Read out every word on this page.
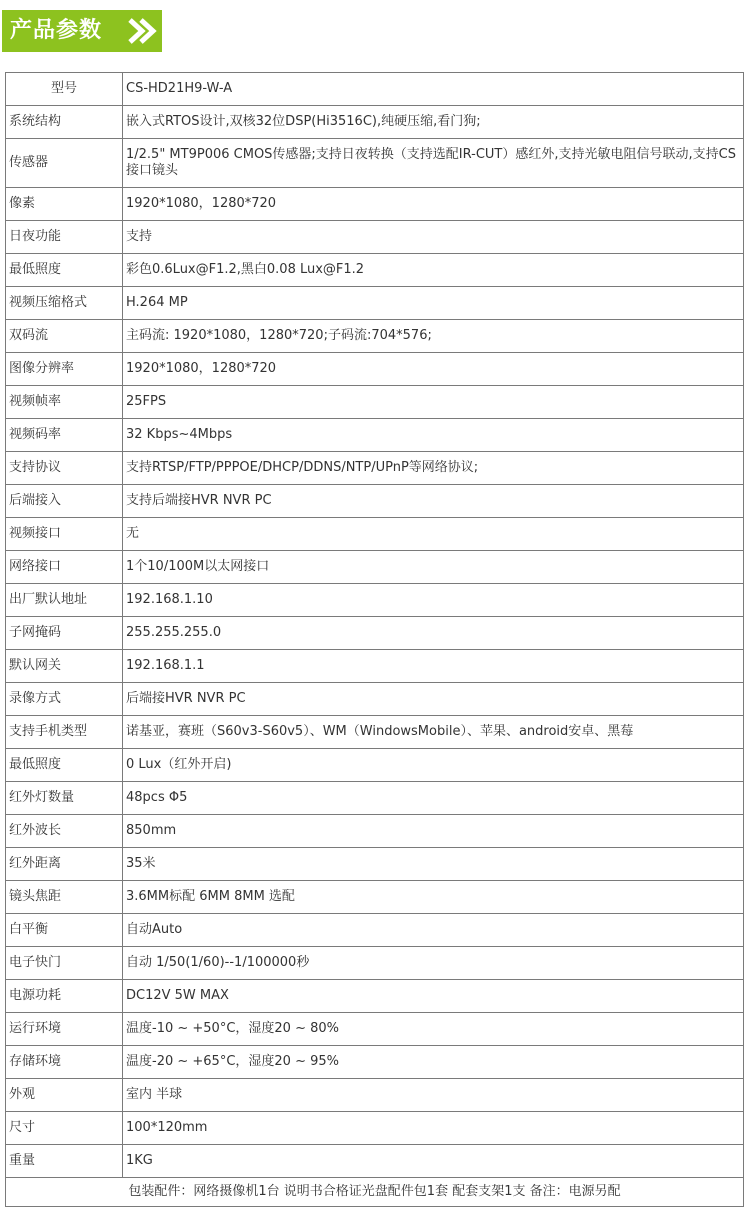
产品参数
型号	CS-HD21H9-W-A
系统结构	嵌入式RTOS设计,双核32位DSP(Hi3516C),纯硬压缩,看门狗;
传感器	1/2.5" MT9P006 CMOS传感器;支持日夜转换（支持选配IR-CUT）感红外,支持光敏电阻信号联动,支持CS接口镜头
像素	1920*1080，1280*720
日夜功能	支持
最低照度	彩色0.6Lux@F1.2,黑白0.08 Lux@F1.2
视频压缩格式	H.264 MP
双码流	主码流: 1920*1080，1280*720;子码流:704*576;
图像分辨率	1920*1080，1280*720
视频帧率	25FPS
视频码率	32 Kbps~4Mbps
支持协议	支持RTSP/FTP/PPPOE/DHCP/DDNS/NTP/UPnP等网络协议;
后端接入	支持后端接HVR NVR PC
视频接口	无
网络接口	1个10/100M以太网接口
出厂默认地址	192.168.1.10
子网掩码	255.255.255.0
默认网关	192.168.1.1
录像方式	后端接HVR NVR PC
支持手机类型	诺基亚，赛班（S60v3-S60v5）、WM（WindowsMobile）、苹果、android安卓、黑莓
最低照度	0 Lux（红外开启)
红外灯数量	48pcs Φ5
红外波长	850mm
红外距离	35米
镜头焦距	3.6MM标配 6MM 8MM 选配
白平衡	自动Auto
电子快门	自动 1/50(1/60)--1/100000秒
电源功耗	DC12V 5W MAX
运行环境	温度-10 ~ +50°C，湿度20 ~ 80%
存储环境	温度-20 ~ +65°C，湿度20 ~ 95%
外观	室内 半球
尺寸	100*120mm
重量	1KG
包装配件：网络摄像机1台 说明书合格证光盘配件包1套 配套支架1支 备注：电源另配	
